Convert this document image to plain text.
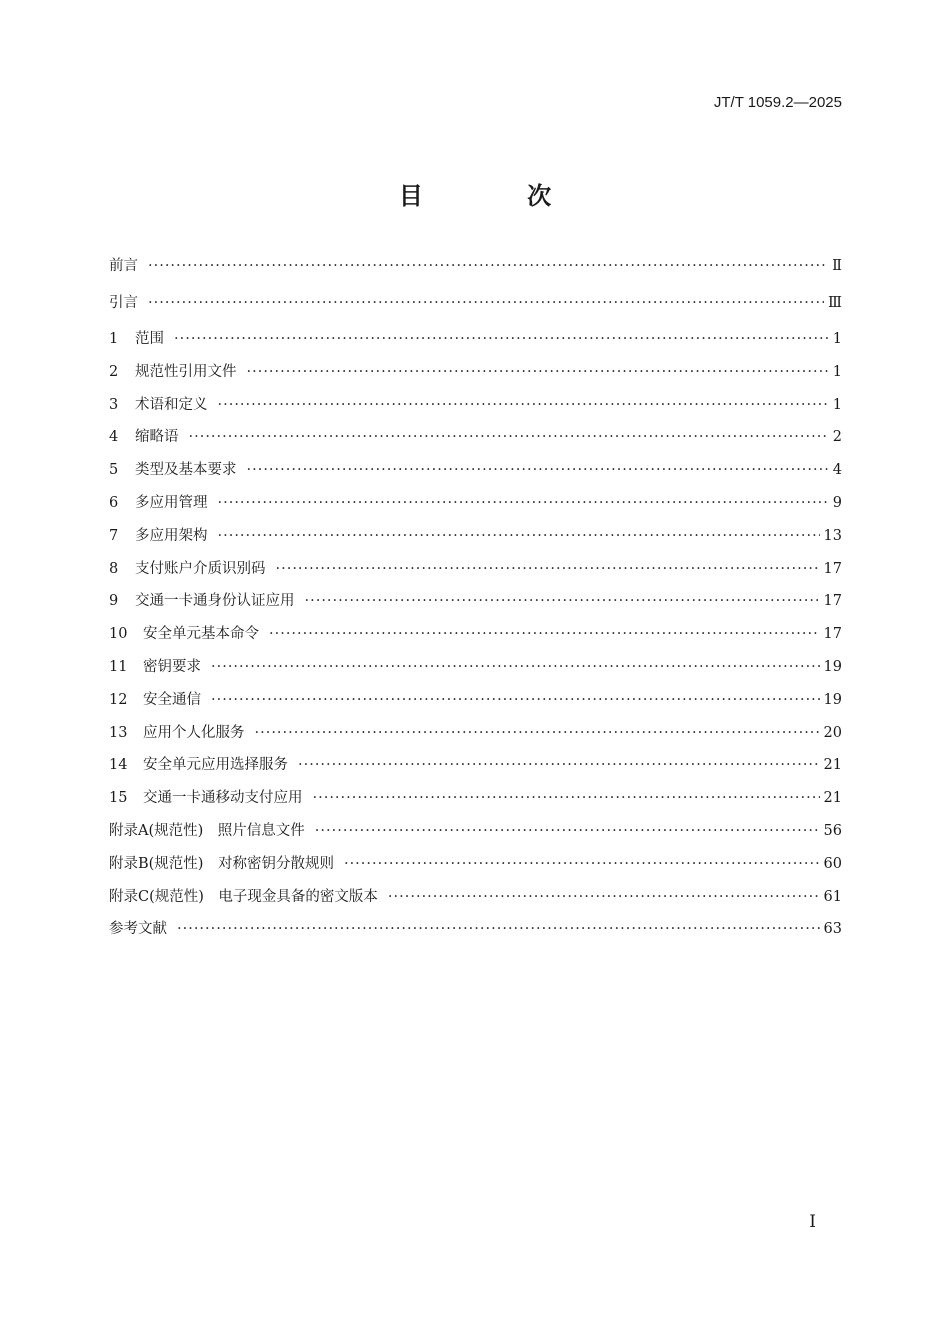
JT/T 1059.2—2025
目 次
前言 ·····	Ⅱ
引言 ·····	Ⅲ
1	范围 ·····	1
2	规范性引用文件 ·····	1
3	术语和定义 ·····	1
4	缩略语 ·····	2
5	类型及基本要求 ·····	4
6	多应用管理 ·····	9
7	多应用架构 ·····	13
8	支付账户介质识别码 ·····	17
9	交通一卡通身份认证应用 ·····	17
10	安全单元基本命令 ·····	17
11	密钥要求 ·····	19
12	安全通信 ·····	19
13	应用个人化服务 ·····	20
14	安全单元应用选择服务 ·····	21
15	交通一卡通移动支付应用 ·····	21
附录A(规范性)　照片信息文件 ·····	56
附录B(规范性)　对称密钥分散规则 ·····	60
附录C(规范性)　电子现金具备的密文版本 ·····	61
参考文献 ·····	63
I
